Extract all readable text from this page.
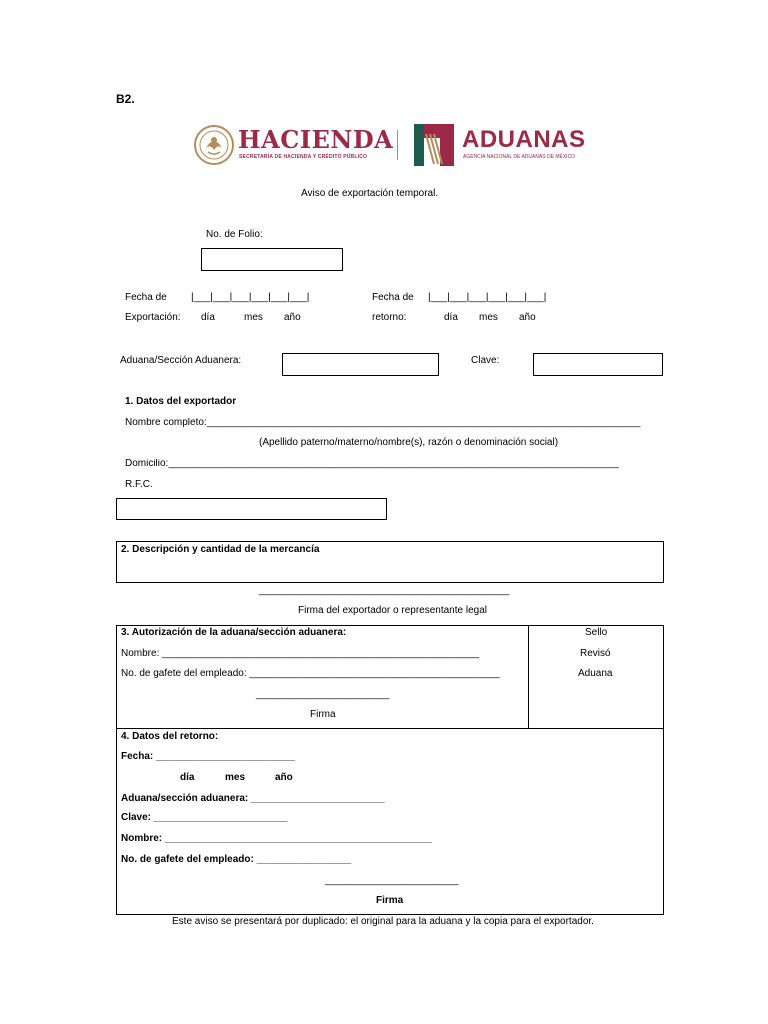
B2.
HACIENDA
SECRETARÍA DE HACIENDA Y CRÉDITO PÚBLICO
ADUANAS
AGENCIA NACIONAL DE ADUANAS DE MÉXICO
Aviso de exportación temporal.
No. de Folio:
Fecha de
Exportación:
|___|___|___|___|___|___|
día	mes año
Fecha de
retorno:
|___|___|___|___|___|___|
día mes año
Aduana/Sección Aduanera:	Clave:
1. Datos del exportador
Nombre completo:______________________________________________________________________________
(Apellido paterno/materno/nombre(s), razón o denominación social)
Domicilio:_________________________________________________________________________________
R.F.C.
2. Descripción y cantidad de la mercancía
_____________________________________________
Firma del exportador o representante legal
3. Autorización de la aduana/sección aduanera:
Nombre: _________________________________________________________
No. de gafete del empleado: _____________________________________________
________________________
Firma
Sello
Revisó
Aduana
4. Datos del retorno:
Fecha: _________________________
día	mes	año
Aduana/sección aduanera: ________________________
Clave: ________________________
Nombre: ________________________________________________
No. de gafete del empleado: _________________
________________________
Firma
Este aviso se presentará por duplicado: el original para la aduana y la copia para el exportador.
